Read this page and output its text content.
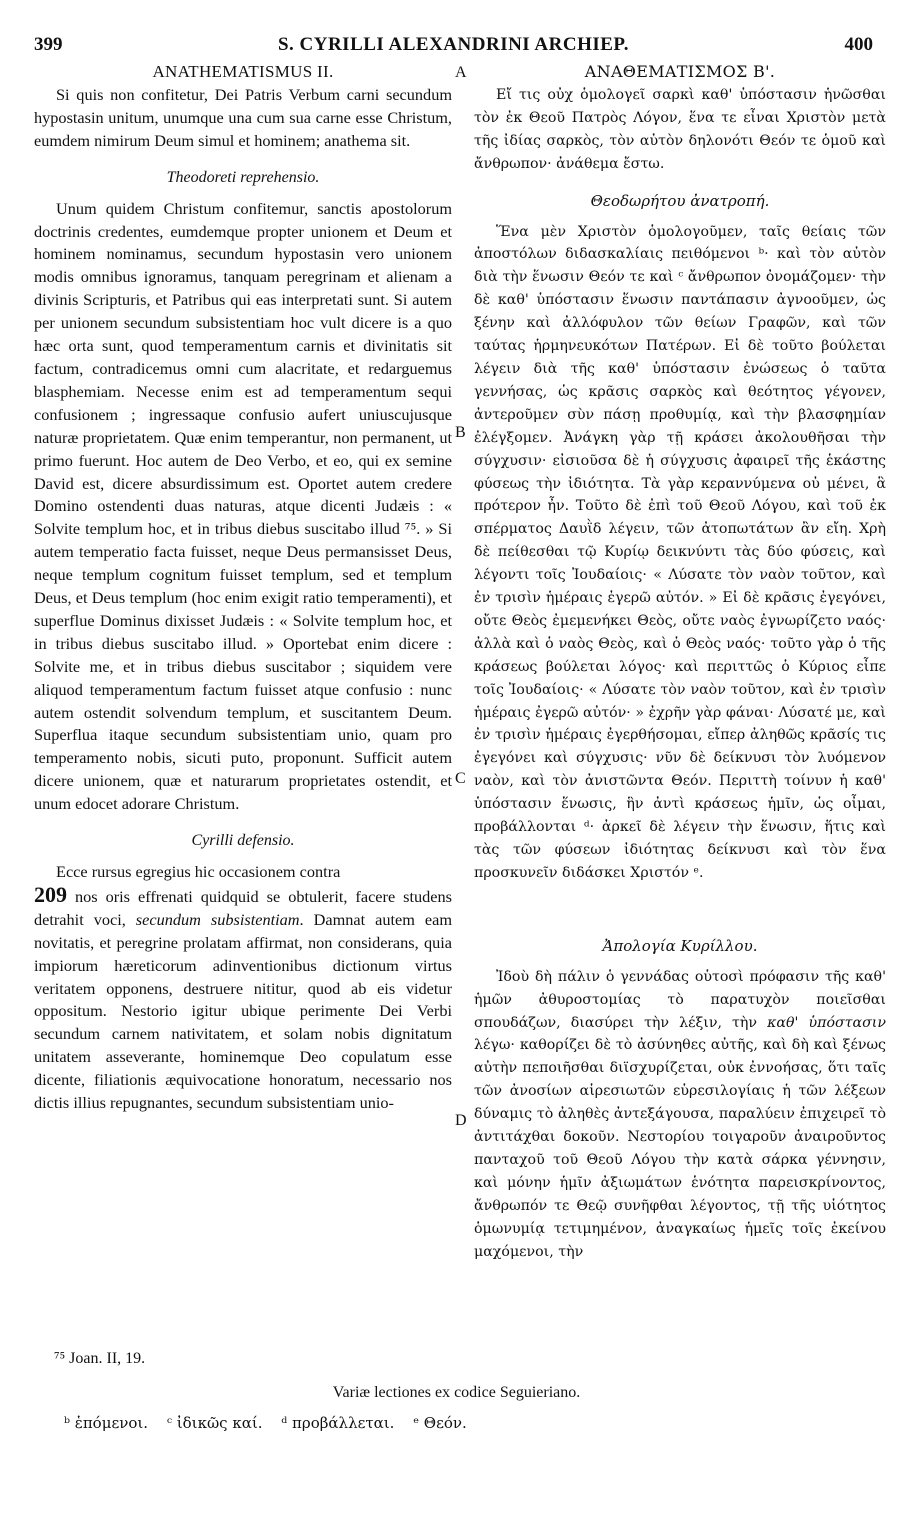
399	S. CYRILLI ALEXANDRINI ARCHIEP.	400
A
B
C
D

ANATHEMATISMUS II.

Si quis non confitetur, Dei Patris Verbum carni secundum hypostasin unitum, unumque una cum sua carne esse Christum, eumdem nimirum Deum simul et hominem; anathema sit.

Theodoreti reprehensio.

Unum quidem Christum confitemur, sanctis apostolorum doctrinis credentes, eumdemque propter unionem et Deum et hominem nominamus, secundum hypostasin vero unionem modis omnibus ignoramus, tanquam peregrinam et alienam a divinis Scripturis, et Patribus qui eas interpretati sunt. Si autem per unionem secundum subsistentiam hoc vult dicere is a quo hæc orta sunt, quod temperamentum carnis et divinitatis sit factum, contradicemus omni cum alacritate, et redarguemus blasphemiam. Necesse enim est ad temperamentum sequi confusionem ; ingressaque confusio aufert uniuscujusque naturæ proprietatem. Quæ enim temperantur, non permanent, ut primo fuerunt. Hoc autem de Deo Verbo, et eo, qui ex semine David est, dicere absurdissimum est. Oportet autem credere Domino ostendenti duas naturas, atque dicenti Judæis : « Solvite templum hoc, et in tribus diebus suscitabo illud ⁷⁵. » Si autem temperatio facta fuisset, neque Deus permansisset Deus, neque templum cognitum fuisset templum, sed et templum Deus, et Deus templum (hoc enim exigit ratio temperamenti), et superflue Dominus dixisset Judæis : « Solvite templum hoc, et in tribus diebus suscitabo illud. » Oportebat enim dicere : Solvite me, et in tribus diebus suscitabor ; siquidem vere aliquod temperamentum factum fuisset atque confusio : nunc autem ostendit solvendum templum, et suscitantem Deum. Superflua itaque secundum subsistentiam unio, quam pro temperamento nobis, sicuti puto, proponunt. Sufficit autem dicere unionem, quæ et naturarum proprietates ostendit, et unum edocet adorare Christum.

Cyrilli defensio.

Ecce rursus egregius hic occasionem contra
209 nos oris effrenati quidquid se obtulerit, facere studens detrahit voci, secundum subsistentiam. Damnat autem eam novitatis, et peregrine prolatam affirmat, non considerans, quia impiorum hæreticorum adinventionibus dictionum virtus veritatem opponens, destruere nititur, quod ab eis videtur oppositum. Nestorio igitur ubique perimente Dei Verbi secundum carnem nativitatem, et solam nobis dignitatum unitatem asseverante, hominemque Deo copulatum esse dicente, filiationis æquivocatione honoratum, necessario nos dictis illius repugnantes, secundum subsistentiam unio-

ΑΝΑΘΕΜΑΤΙΣΜΟΣ Β'.

Εἴ τις οὐχ ὁμολογεῖ σαρκὶ καθ' ὑπόστασιν ἡνῶσθαι τὸν ἐκ Θεοῦ Πατρὸς Λόγον, ἕνα τε εἶναι Χριστὸν μετὰ τῆς ἰδίας σαρκὸς, τὸν αὐτὸν δηλονότι Θεόν τε ὁμοῦ καὶ ἄνθρωπον· ἀνάθεμα ἔστω.

Θεοδωρήτου ἀνατροπή.

Ἕνα μὲν Χριστὸν ὁμολογοῦμεν, ταῖς θείαις τῶν ἀποστόλων διδασκαλίαις πειθόμενοι ᵇ· καὶ τὸν αὐτὸν διὰ τὴν ἕνωσιν Θεόν τε καὶ ᶜ ἄνθρωπον ὀνομάζομεν· τὴν δὲ καθ' ὑπόστασιν ἕνωσιν παντάπασιν ἀγνοοῦμεν, ὡς ξένην καὶ ἀλλόφυλον τῶν θείων Γραφῶν, καὶ τῶν ταύτας ἡρμηνευκότων Πατέρων. Εἰ δὲ τοῦτο βούλεται λέγειν διὰ τῆς καθ' ὑπόστασιν ἐνώσεως ὁ ταῦτα γεννήσας, ὡς κρᾶσις σαρκὸς καὶ θεότητος γέγονεν, ἀντεροῦμεν σὺν πάσῃ προθυμίᾳ, καὶ τὴν βλασφημίαν ἐλέγξομεν. Ἀνάγκη γὰρ τῇ κράσει ἀκολουθῆσαι τὴν σύγχυσιν· εἰσιοῦσα δὲ ἡ σύγχυσις ἀφαιρεῖ τῆς ἑκάστης φύσεως τὴν ἰδιότητα. Τὰ γὰρ κεραννύμενα οὐ μένει, ἃ πρότερον ἦν. Τοῦτο δὲ ἐπὶ τοῦ Θεοῦ Λόγου, καὶ τοῦ ἐκ σπέρματος Δαυῒδ λέγειν, τῶν ἀτοπωτάτων ἂν εἴη. Χρὴ δὲ πείθεσθαι τῷ Κυρίῳ δεικνύντι τὰς δύο φύσεις, καὶ λέγοντι τοῖς Ἰουδαίοις· « Λύσατε τὸν ναὸν τοῦτον, καὶ ἐν τρισὶν ἡμέραις ἐγερῶ αὐτόν. » Εἰ δὲ κρᾶσις ἐγεγόνει, οὔτε Θεὸς ἐμεμενήκει Θεὸς, οὔτε ναὸς ἐγνωρίζετο ναός· ἀλλὰ καὶ ὁ ναὸς Θεὸς, καὶ ὁ Θεὸς ναός· τοῦτο γὰρ ὁ τῆς κράσεως βούλεται λόγος· καὶ περιττῶς ὁ Κύριος εἶπε τοῖς Ἰουδαίοις· « Λύσατε τὸν ναὸν τοῦτον, καὶ ἐν τρισὶν ἡμέραις ἐγερῶ αὐτόν· » ἐχρῆν γὰρ φάναι· Λύσατέ με, καὶ ἐν τρισὶν ἡμέραις ἐγερθήσομαι, εἴπερ ἀληθῶς κρᾶσίς τις ἐγεγόνει καὶ σύγχυσις· νῦν δὲ δείκνυσι τὸν λυόμενον ναὸν, καὶ τὸν ἀνιστῶντα Θεόν. Περιττὴ τοίνυν ἡ καθ' ὑπόστασιν ἕνωσις, ἣν ἀντὶ κράσεως ἡμῖν, ὡς οἶμαι, προβάλλονται ᵈ· ἀρκεῖ δὲ λέγειν τὴν ἕνωσιν, ἥτις καὶ τὰς τῶν φύσεων ἰδιότητας δείκνυσι καὶ τὸν ἕνα προσκυνεῖν διδάσκει Χριστόν ᵉ.

Ἀπολογία Κυρίλλου.

Ἰδοὺ δὴ πάλιν ὁ γεννάδας οὑτοσὶ πρόφασιν τῆς καθ' ἡμῶν ἀθυροστομίας τὸ παρατυχὸν ποιεῖσθαι σπουδάζων, διασύρει τὴν λέξιν, τὴν καθ' ὑπόστασιν λέγω· καθορίζει δὲ τὸ ἀσύνηθες αὐτῆς, καὶ δὴ καὶ ξένως αὐτὴν πεποιῆσθαι διϊσχυρίζεται, οὐκ ἐννοήσας, ὅτι ταῖς τῶν ἀνοσίων αἱρεσιωτῶν εὑρεσιλογίαις ἡ τῶν λέξεων δύναμις τὸ ἀληθὲς ἀντεξάγουσα, παραλύειν ἐπιχειρεῖ τὸ ἀντιτάχθαι δοκοῦν. Νεστορίου τοιγαροῦν ἀναιροῦντος πανταχοῦ τοῦ Θεοῦ Λόγου τὴν κατὰ σάρκα γέννησιν, καὶ μόνην ἡμῖν ἀξιωμάτων ἑνότητα παρεισκρίνοντος, ἄνθρωπόν τε Θεῷ συνῆφθαι λέγοντος, τῇ τῆς υἱότητος ὁμωνυμίᾳ τετιμημένον, ἀναγκαίως ἡμεῖς τοῖς ἐκείνου μαχόμενοι, τὴν

⁷⁵ Joan. II, 19.
Variæ lectiones ex codice Seguieriano.
ᵇ ἑπόμενοι. ᶜ ἰδικῶς καί. ᵈ προβάλλεται. ᵉ Θεόν.
